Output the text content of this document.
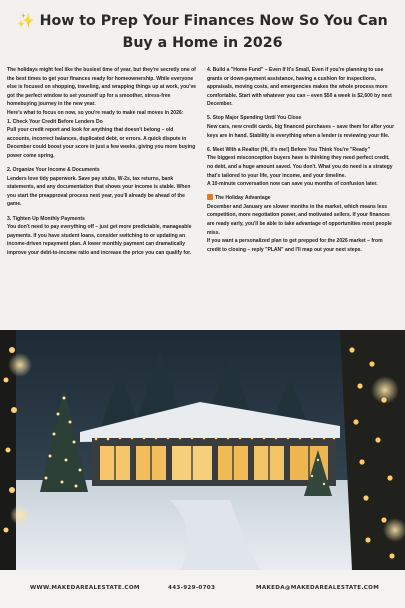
✨ How to Prep Your Finances Now So You Can
Buy a Home in 2026

The holidays might feel like the busiest time of year, but they're secretly one of the best times to get your finances ready for homeownership. While everyone else is focused on shopping, traveling, and wrapping things up at work, you've got the perfect window to set yourself up for a smoother, stress-free homebuying journey in the new year.

Here's what to focus on now, so you're ready to make real moves in 2026:

1. Check Your Credit Before Lenders Do

Pull your credit report and look for anything that doesn't belong – old accounts, incorrect balances, duplicated debt, or errors. A quick dispute in December could boost your score in just a few weeks, giving you more buying power come spring.

2. Organize Your Income & Documents

Lenders love tidy paperwork. Save pay stubs, W-2s, tax returns, bank statements, and any documentation that shows your income is stable. When you start the preapproval process next year, you'll already be ahead of the game.

3. Tighten Up Monthly Payments

You don't need to pay everything off – just get more predictable, manageable payments. If you have student loans, consider switching to or updating an income-driven repayment plan. A lower monthly payment can dramatically improve your debt-to-income ratio and increase the price you can qualify for.

4. Build a "Home Fund" – Even If It's Small, Even if you're planning to use grants or down-payment assistance, having a cushion for inspections, appraisals, moving costs, and emergencies makes the whole process more comfortable. Start with whatever you can – even $50 a week is $2,600 by next December.

5. Stop Major Spending Until You Close

New cars, new credit cards, big financed purchases – save them for after your keys are in hand. Stability is everything when a lender is reviewing your file.

6. Meet With a Realtor (Hi, it's me!) Before You Think You're "Ready"

The biggest misconception buyers have is thinking they need perfect credit, no debt, and a huge amount saved. You don't. What you do need is a strategy that's tailored to your life, your income, and your timeline.

A 10-minute conversation now can save you months of confusion later.

The Holiday Advantage

December and January are slower months in the market, which means less competition, more negotiation power, and motivated sellers. If your finances are ready early, you'll be able to take advantage of opportunities most people miss.

If you want a personalized plan to get prepped for the 2026 market – from credit to closing – reply "PLAN" and I'll map out your next steps.

WWW.MAKEDAREALESTATE.COM	443-929-0703	MAKEDA@MAKEDAREALESTATE.COM
